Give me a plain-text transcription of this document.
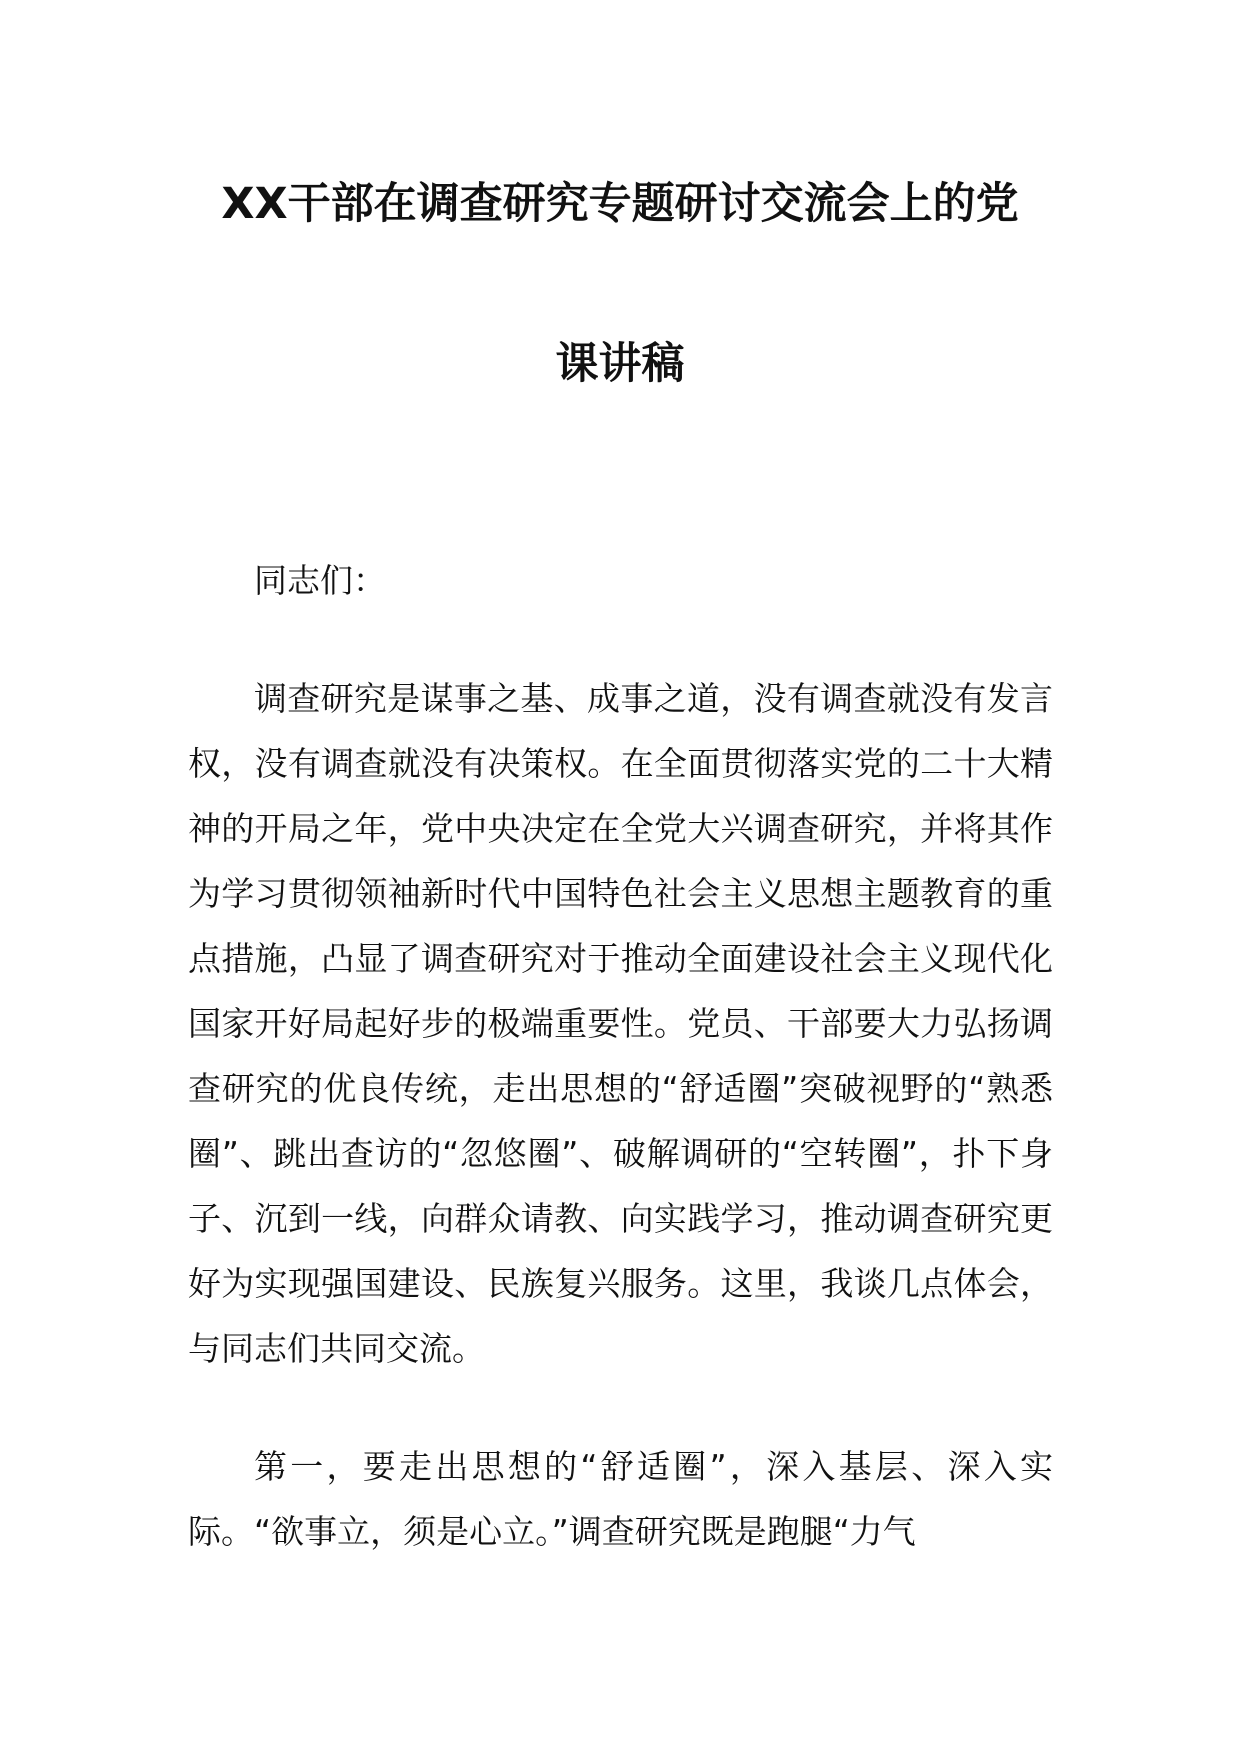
XX干部在调查研究专题研讨交流会上的党
课讲稿

同志们：

调查研究是谋事之基、成事之道，没有调查就没有发言权，没有调查就没有决策权。在全面贯彻落实党的二十大精神的开局之年，党中央决定在全党大兴调查研究，并将其作为学习贯彻领袖新时代中国特色社会主义思想主题教育的重点措施，凸显了调查研究对于推动全面建设社会主义现代化国家开好局起好步的极端重要性。党员、干部要大力弘扬调查研究的优良传统，走出思想的“舒适圈”突破视野的“熟悉圈”、跳出查访的“忽悠圈”、破解调研的“空转圈”，扑下身子、沉到一线，向群众请教、向实践学习，推动调查研究更好为实现强国建设、民族复兴服务。这里，我谈几点体会，与同志们共同交流。

第一，要走出思想的“舒适圈”，深入基层、深入实际。“欲事立，须是心立。”调查研究既是跑腿“力气
